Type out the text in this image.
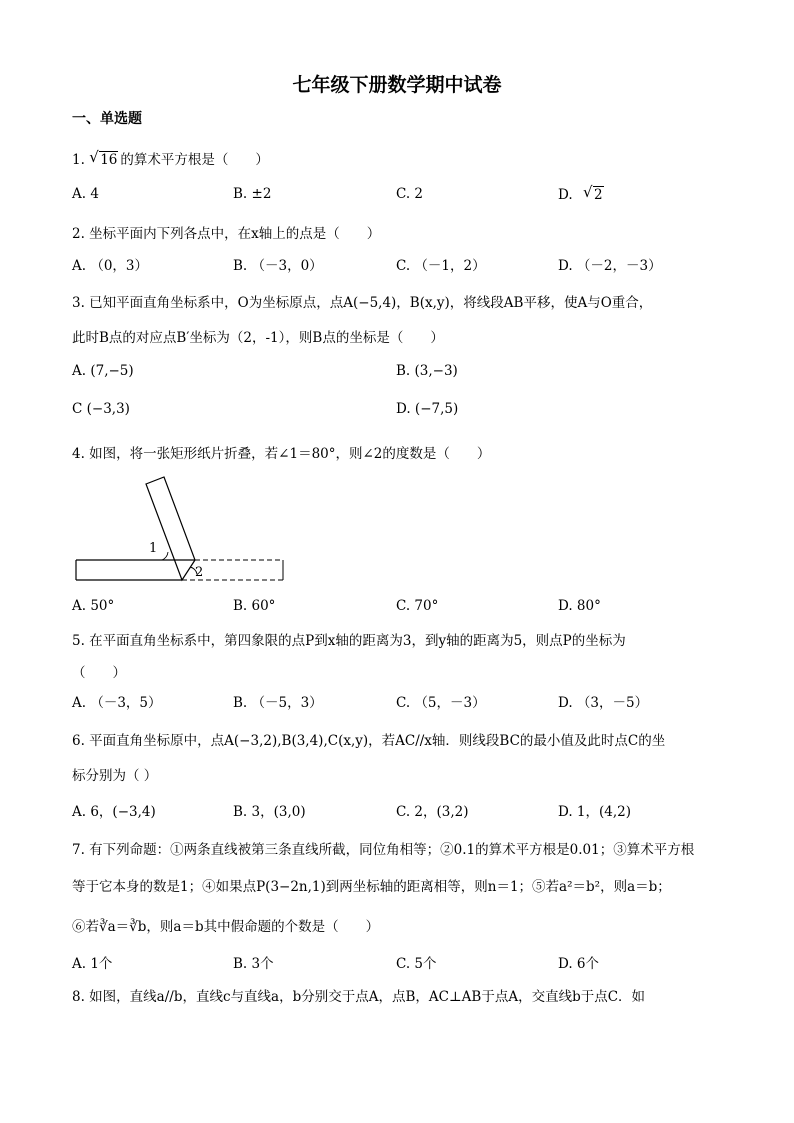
七年级下册数学期中试卷
一、单选题
1. √ 16 的算术平方根是（　　）
A. 4	B. ±2	C. 2	D. √ 2
2. 坐标平面内下列各点中，在x轴上的点是（　　）
A. （0，3）	B. （－3，0）	C. （－1，2）	D. （－2，－3）
3. 已知平面直角坐标系中，O为坐标原点，点A(−5,4)，B(x,y)，将线段AB平移，使A与O重合，
此时B点的对应点B′坐标为（2，-1），则B点的坐标是（　　）
A. (7,−5)	B. (3,−3)
C (−3,3)	D. (−7,5)
4. 如图，将一张矩形纸片折叠，若∠1＝80°，则∠2的度数是（　　）
1
2
A. 50°	B. 60°	C. 70°	D. 80°
5. 在平面直角坐标系中，第四象限的点P到x轴的距离为3，到y轴的距离为5，则点P的坐标为
（　　）
A. （－3，5）	B. （－5，3）	C. （5，－3）	D. （3，－5）
6. 平面直角坐标原中，点A(−3,2),B(3,4),C(x,y)，若AC//x轴．则线段BC的最小值及此时点C的坐
标分别为（ ）
A. 6，(−3,4)	B. 3，(3,0)	C. 2，(3,2)	D. 1，(4,2)
7. 有下列命题：①两条直线被第三条直线所截，同位角相等；②0.1的算术平方根是0.01；③算术平方根
等于它本身的数是1；④如果点P(3−2n,1)到两坐标轴的距离相等，则n＝1；⑤若a²＝b²，则a＝b；
⑥若∛a＝∛b，则a＝b其中假命题的个数是（　　）
A. 1个	B. 3个	C. 5个	D. 6个
8. 如图，直线a//b，直线c与直线a，b分别交于点A，点B，AC⊥AB于点A，交直线b于点C．如
